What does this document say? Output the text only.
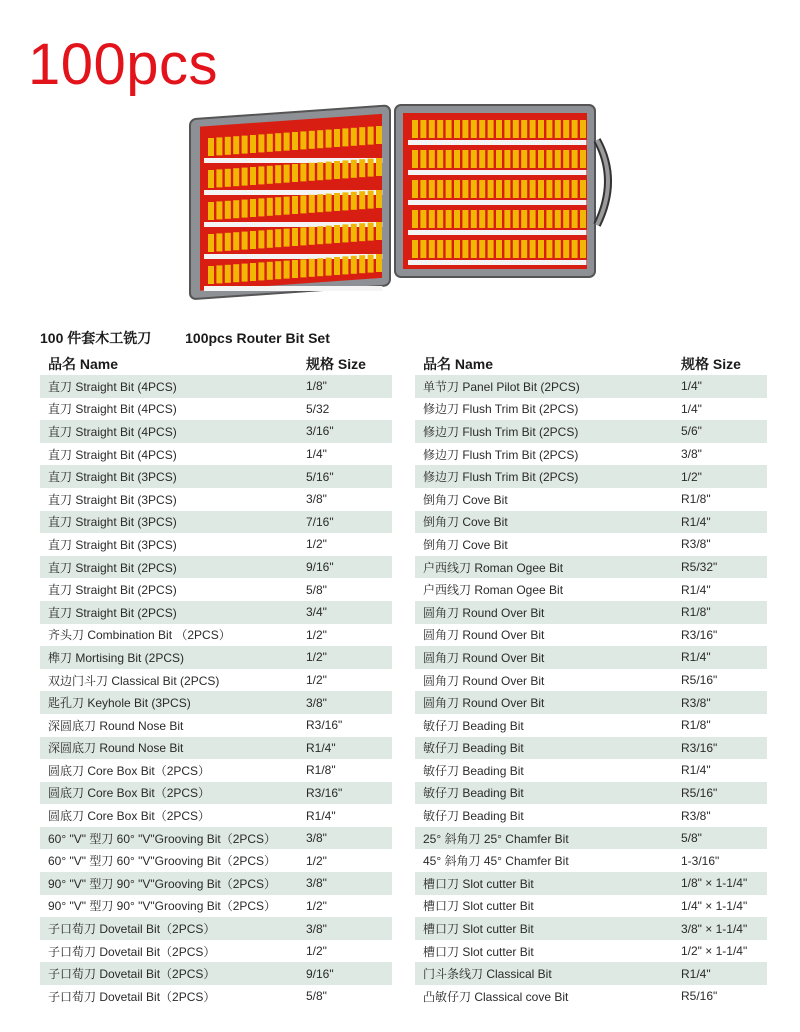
100pcs
100 件套木工铣刀 100pcs Router Bit Set
品名 Name	规格 Size
直刀 Straight Bit (4PCS)	1/8"
直刀 Straight Bit (4PCS)	5/32
直刀 Straight Bit (4PCS)	3/16"
直刀 Straight Bit (4PCS)	1/4"
直刀 Straight Bit (3PCS)	5/16"
直刀 Straight Bit (3PCS)	3/8"
直刀 Straight Bit (3PCS)	7/16"
直刀 Straight Bit (3PCS)	1/2"
直刀 Straight Bit (2PCS)	9/16"
直刀 Straight Bit (2PCS)	5/8"
直刀 Straight Bit (2PCS)	3/4"
齐头刀 Combination Bit （2PCS）	1/2"
榫刀 Mortising Bit (2PCS)	1/2"
双边门斗刀 Classical Bit (2PCS)	1/2"
匙孔刀 Keyhole Bit (3PCS)	3/8"
深圆底刀 Round Nose Bit	R3/16"
深圆底刀 Round Nose Bit	R1/4"
圆底刀 Core Box Bit（2PCS）	R1/8"
圆底刀 Core Box Bit（2PCS）	R3/16"
圆底刀 Core Box Bit（2PCS）	R1/4"
60° "V" 型刀 60° "V"Grooving Bit（2PCS）	3/8"
60° "V" 型刀 60° "V"Grooving Bit（2PCS）	1/2"
90° "V" 型刀 90° "V"Grooving Bit（2PCS）	3/8"
90° "V" 型刀 90° "V"Grooving Bit（2PCS）	1/2"
子口荀刀 Dovetail Bit（2PCS）	3/8"
子口荀刀 Dovetail Bit（2PCS）	1/2"
子口荀刀 Dovetail Bit（2PCS）	9/16"
子口荀刀 Dovetail Bit（2PCS）	5/8"
品名 Name	规格 Size
单节刀 Panel Pilot Bit (2PCS)	1/4"
修边刀 Flush Trim Bit (2PCS)	1/4"
修边刀 Flush Trim Bit (2PCS)	5/6"
修边刀 Flush Trim Bit (2PCS)	3/8"
修边刀 Flush Trim Bit (2PCS)	1/2"
倒角刀 Cove Bit	R1/8"
倒角刀 Cove Bit	R1/4"
倒角刀 Cove Bit	R3/8"
户西线刀 Roman Ogee Bit	R5/32"
户西线刀 Roman Ogee Bit	R1/4"
圆角刀 Round Over Bit	R1/8"
圆角刀 Round Over Bit	R3/16"
圆角刀 Round Over Bit	R1/4"
圆角刀 Round Over Bit	R5/16"
圆角刀 Round Over Bit	R3/8"
敏仔刀 Beading Bit	R1/8"
敏仔刀 Beading Bit	R3/16"
敏仔刀 Beading Bit	R1/4"
敏仔刀 Beading Bit	R5/16"
敏仔刀 Beading Bit	R3/8"
25° 斜角刀 25° Chamfer Bit	5/8"
45° 斜角刀 45° Chamfer Bit	1-3/16"
槽口刀 Slot cutter Bit	1/8" × 1-1/4"
槽口刀 Slot cutter Bit	1/4" × 1-1/4"
槽口刀 Slot cutter Bit	3/8" × 1-1/4"
槽口刀 Slot cutter Bit	1/2" × 1-1/4"
门斗条线刀 Classical Bit	R1/4"
凸敏仔刀 Classical cove Bit	R5/16"
